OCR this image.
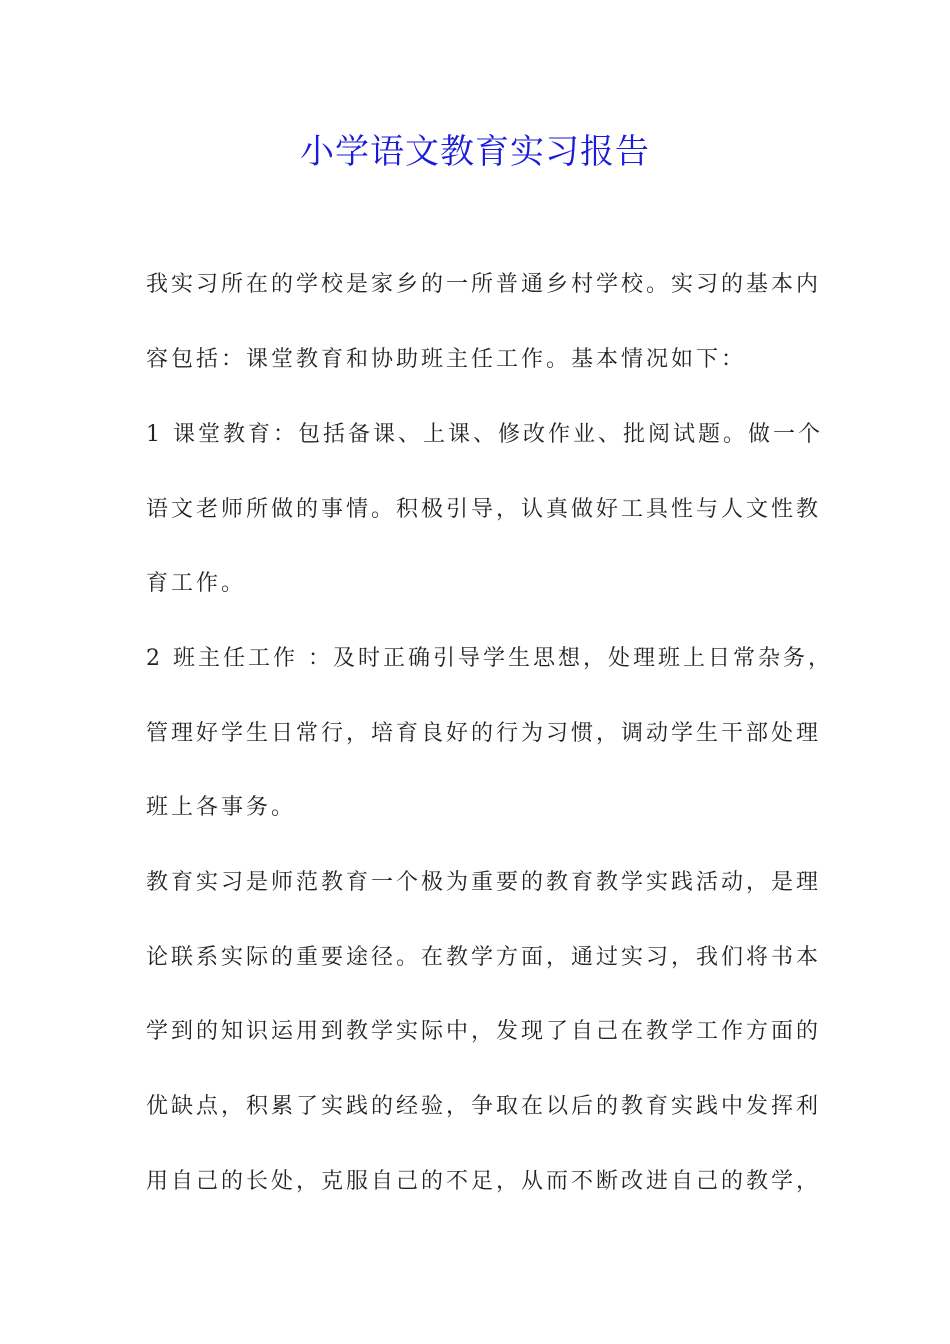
小学语文教育实习报告

我实习所在的学校是家乡的一所普通乡村学校。实习的基本内

容包括：课堂教育和协助班主任工作。基本情况如下：

1 课堂教育：包括备课、上课、修改作业、批阅试题。做一个

语文老师所做的事情。积极引导，认真做好工具性与人文性教

育工作。

2 班主任工作 ：及时正确引导学生思想，处理班上日常杂务，

管理好学生日常行，培育良好的行为习惯，调动学生干部处理

班上各事务。

教育实习是师范教育一个极为重要的教育教学实践活动，是理

论联系实际的重要途径。在教学方面，通过实习，我们将书本

学到的知识运用到教学实际中，发现了自己在教学工作方面的

优缺点，积累了实践的经验，争取在以后的教育实践中发挥利

用自己的长处，克服自己的不足，从而不断改进自己的教学，
